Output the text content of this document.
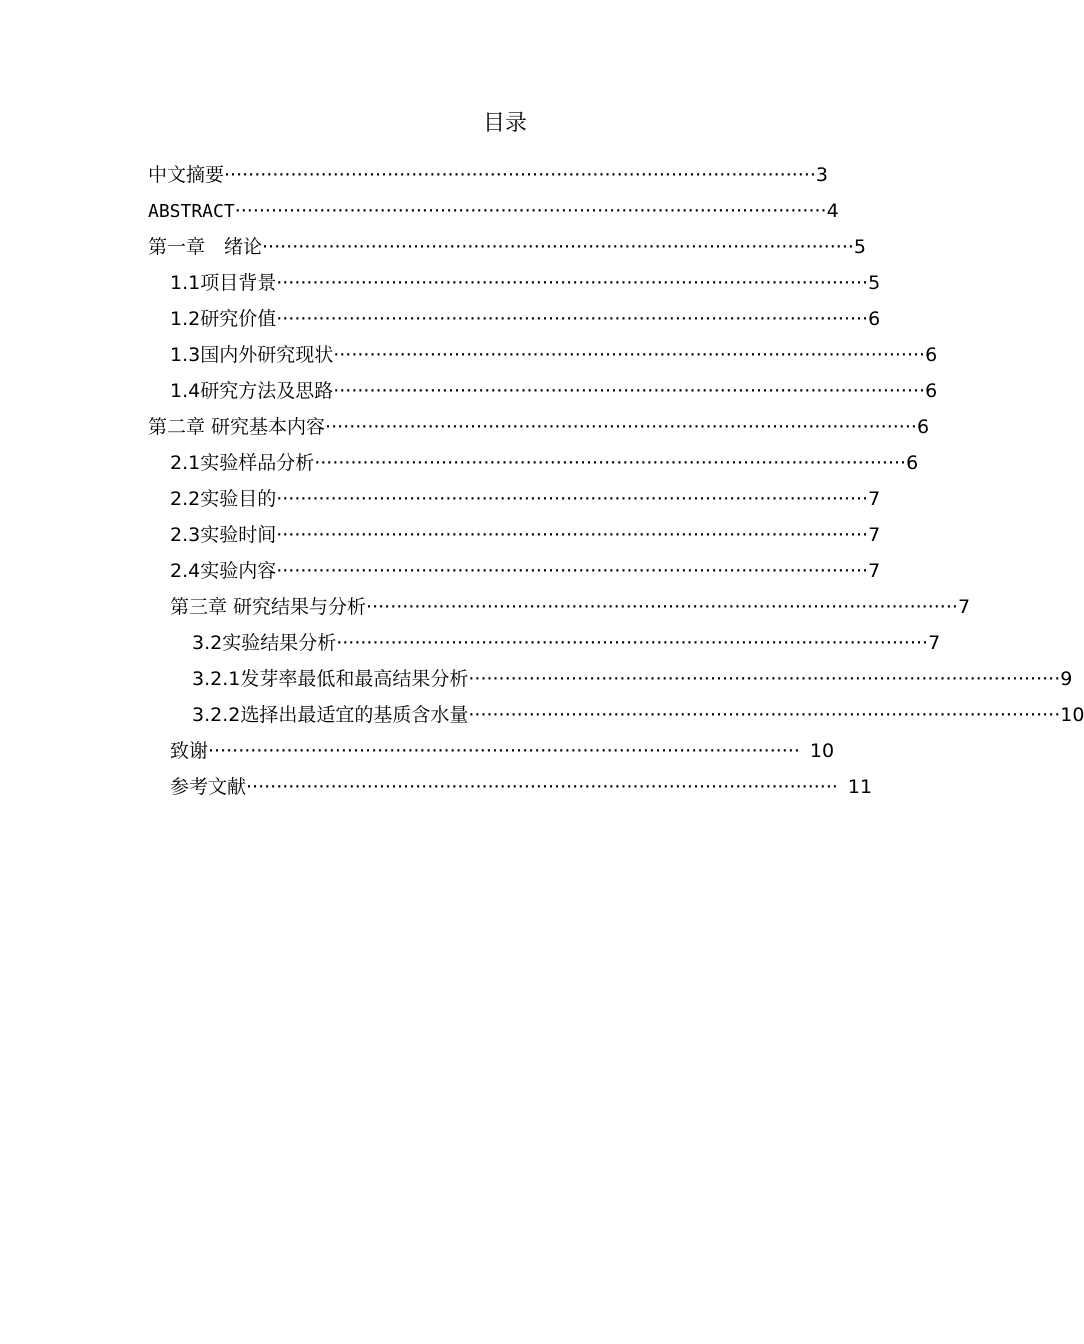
目录
中文摘要 ·································································································· 3
ABSTRACT ·································································································· 4
第一章　绪论 ·································································································· 5
1.1项目背景 ·································································································· 5
1.2研究价值 ·································································································· 6
1.3国内外研究现状 ·································································································· 6
1.4研究方法及思路 ·································································································· 6
第二章 研究基本内容 ·································································································· 6
2.1实验样品分析 ·································································································· 6
2.2实验目的 ·································································································· 7
2.3实验时间 ·································································································· 7
2.4实验内容 ·································································································· 7
第三章 研究结果与分析 ·································································································· 7
3.2实验结果分析 ·································································································· 7
3.2.1发芽率最低和最高结果分析 ·································································································· 9
3.2.2选择出最适宜的基质含水量 ·································································································· 10
致谢 ·································································································· 10
参考文献 ·································································································· 11
